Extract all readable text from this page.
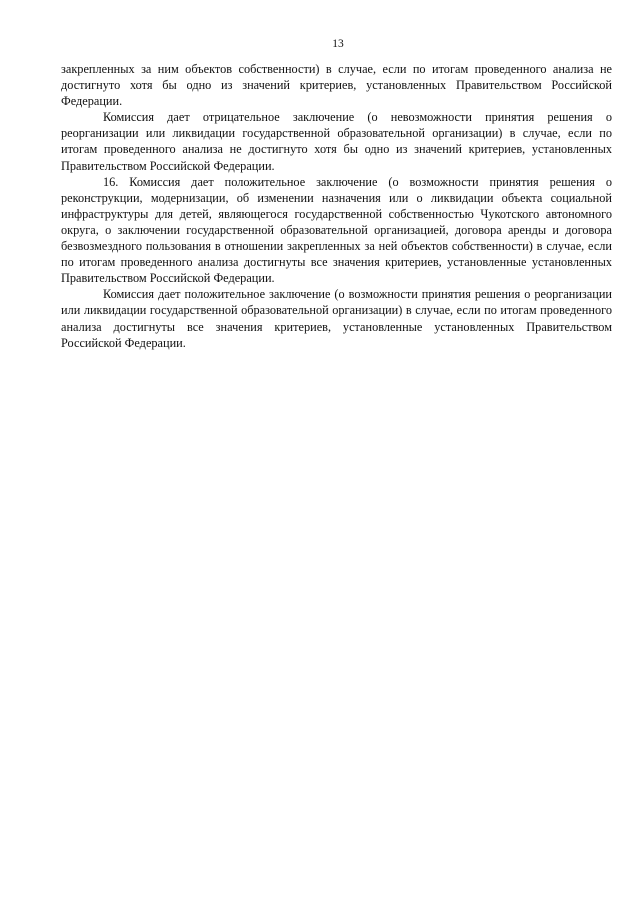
13

закрепленных за ним объектов собственности) в случае, если по итогам проведенного анализа не достигнуто хотя бы одно из значений критериев, установленных Правительством Российской Федерации.

Комиссия дает отрицательное заключение (о невозможности принятия решения о реорганизации или ликвидации государственной образовательной организации) в случае, если по итогам проведенного анализа не достигнуто хотя бы одно из значений критериев, установленных Правительством Российской Федерации.

16. Комиссия дает положительное заключение (о возможности принятия решения о реконструкции, модернизации, об изменении назначения или о ликвидации объекта социальной инфраструктуры для детей, являющегося государственной собственностью Чукотского автономного округа, о заключении государственной образовательной организацией, договора аренды и договора безвозмездного пользования в отношении закрепленных за ней объектов собственности) в случае, если по итогам проведенного анализа достигнуты все значения критериев, установленные установленных Правительством Российской Федерации.

Комиссия дает положительное заключение (о возможности принятия решения о реорганизации или ликвидации государственной образовательной организации) в случае, если по итогам проведенного анализа достигнуты все значения критериев, установленные установленных Правительством Российской Федерации.
